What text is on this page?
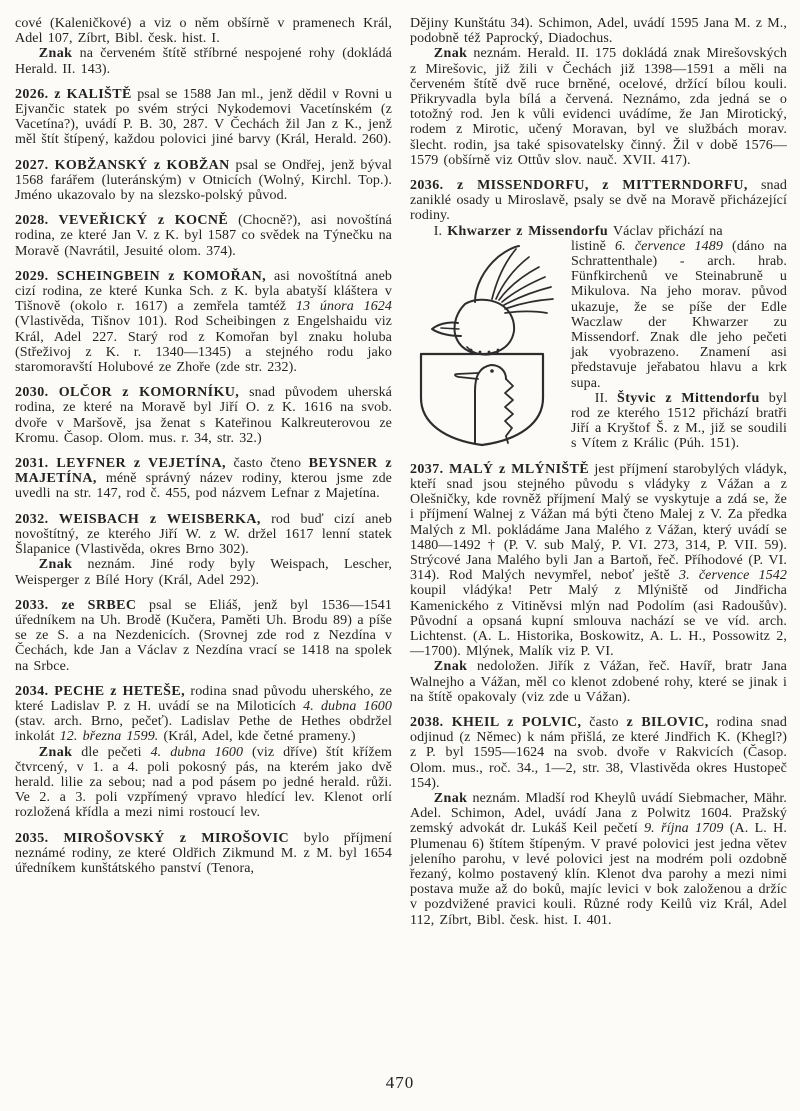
cové (Kaleničkové) a viz o něm obšírně v pramenech Král, Adel 107, Zíbrt, Bibl. česk. hist. I.

Znak na červeném štítě stříbrné nespojené rohy (dokládá Herald. II. 143).

2026. z KALIŠTĚ psal se 1588 Jan ml., jenž dědil v Rovni u Ejvančic statek po svém strýci Nykodemovi Vacetínském (z Vacetína?), uvádí P. B. 30, 287. V Čechách žil Jan z K., jenž měl štít štípený, každou polovici jiné barvy (Král, Herald. 260).

2027. KOBŽANSKÝ z KOBŽAN psal se Ondřej, jenž býval 1568 farářem (luteránským) v Otnicích (Wolný, Kirchl. Top.). Jméno ukazovalo by na slezsko-polský původ.

2028. VEVEŘICKÝ z KOCNĚ (Chocně?), asi novoštíná rodina, ze které Jan V. z K. byl 1587 co svědek na Týnečku na Moravě (Navrátil, Jesuité olom. 374).

2029. SCHEINGBEIN z KOMOŘAN, asi novoštítná aneb cizí rodina, ze které Kunka Sch. z K. byla abatyší kláštera v Tišnově (okolo r. 1617) a zemřela tamtéž 13 února 1624 (Vlastivěda, Tišnov 101). Rod Scheibingen z Engelshaidu viz Král, Adel 227. Starý rod z Komořan byl znaku holuba (Střeživoj z K. r. 1340—1345) a stejného rodu jako staromoravští Holubové ze Zhoře (zde str. 232).

2030. OLČOR z KOMORNÍKU, snad původem uherská rodina, ze které na Moravě byl Jiří O. z K. 1616 na svob. dvoře v Maršově, jsa ženat s Kateřinou Kalkreuterovou ze Kromu. Časop. Olom. mus. r. 34, str. 32.)

2031. LEYFNER z VEJETÍNA, často čteno BEYSNER z MAJETÍNA, méně správný název rodiny, kterou jsme zde uvedli na str. 147, rod č. 455, pod názvem Lefnar z Majetína.

2032. WEISBACH z WEISBERKA, rod buď cizí aneb novoštítný, ze kterého Jiří W. z W. držel 1617 lenní statek Šlapanice (Vlastivěda, okres Brno 302).

Znak neznám. Jiné rody byly Weispach, Lescher, Weisperger z Bílé Hory (Král, Adel 292).

2033. ze SRBEC psal se Eliáš, jenž byl 1536—1541 úředníkem na Uh. Brodě (Kučera, Paměti Uh. Brodu 89) a píše se ze S. a na Nezdenicích. (Srovnej zde rod z Nezdína v Čechách, kde Jan a Václav z Nezdína vrací se 1418 na spolek na Srbce.

2034. PECHE z HETEŠE, rodina snad původu uherského, ze které Ladislav P. z H. uvádí se na Miloticích 4. dubna 1600 (stav. arch. Brno, pečeť). Ladislav Pethe de Hethes obdržel inkolát 12. března 1599. (Král, Adel, kde četné prameny.)

Znak dle pečeti 4. dubna 1600 (viz dříve) štít křížem čtvrcený, v 1. a 4. poli pokosný pás, na kterém jako dvě herald. lilie za sebou; nad a pod pásem po jedné herald. růži. Ve 2. a 3. poli vzpřímený vpravo hledící lev. Klenot orlí rozložená křídla a mezi nimi rostoucí lev.

2035. MIROŠOVSKÝ z MIROŠOVIC bylo příjmení neznámé rodiny, ze které Oldřich Zikmund M. z M. byl 1654 úředníkem kunštátského panství (Tenora,

Dějiny Kunštátu 34). Schimon, Adel, uvádí 1595 Jana M. z M., podobně též Paprocký, Diadochus.

Znak neznám. Herald. II. 175 dokládá znak Mirešovských z Mirešovic, již žili v Čechách již 1398—1591 a měli na červeném štítě dvě ruce brněné, ocelové, držící bílou kouli. Přikryvadla byla bílá a červená. Neznámo, zda jedná se o totožný rod. Jen k vůli evidenci uvádíme, že Jan Mirotický, rodem z Mirotic, učený Moravan, byl ve službách morav. šlecht. rodin, jsa také spisovatelsky činný. Žil v době 1576—1579 (obšírně viz Ottův slov. nauč. XVII. 417).

2036. z MISSENDORFU, z MITTERNDORFU, snad zaniklé osady u Miroslavě, psaly se dvě na Moravě přicházející rodiny.

I. Khwarzer z Missendorfu Václav přichází na

listině 6. července 1489 (dáno na Schrattenthale) - arch. hrab. Fünfkirchenů ve Steinabruně u Mikulova. Na jeho morav. původ ukazuje, že se píše der Edle Waczlaw der Khwarzer zu Missendorf. Znak dle jeho pečeti jak vyobrazeno. Znamení asi představuje jeřabatou hlavu a krk supa.

II. Štyvic z Mittendorfu byl rod ze kterého 1512 přichází bratři Jiří a Kryštof Š. z M., již se soudili s Vítem z Králic (Púh. 151).

2037. MALÝ z MLÝNIŠTĚ jest příjmení starobylých vládyk, kteří snad jsou stejného původu s vládyky z Vážan a z Olešničky, kde rovněž příjmení Malý se vyskytuje a zdá se, že i příjmení Walnej z Vážan má býti čteno Malej z V. Za předka Malých z Ml. pokládáme Jana Malého z Vážan, který uvádí se 1480—1492 † (P. V. sub Malý, P. VI. 273, 314, P. VII. 59). Strýcové Jana Malého byli Jan a Bartoň, řeč. Příhodové (P. VI. 314). Rod Malých nevymřel, neboť ještě 3. července 1542 koupil vládýka! Petr Malý z Mlýniště od Jindřicha Kamenického z Vitiněvsi mlýn nad Podolím (asi Radoušův). Původní a opsaná kupní smlouva nachází se ve víd. arch. Lichtenst. (A. L. Historika, Boskowitz, A. L. H., Possowitz 2, —1700). Mlýnek, Malík viz P. VI.

Znak nedoložen. Jiřík z Vážan, řeč. Havíř, bratr Jana Walnejho a Vážan, měl co klenot zdobené rohy, které se jinak i na štítě opakovaly (viz zde u Vážan).

2038. KHEIL z POLVIC, často z BILOVIC, rodina snad odjinud (z Němec) k nám přišlá, ze které Jindřich K. (Khegl?) z P. byl 1595—1624 na svob. dvoře v Rakvicích (Časop. Olom. mus., roč. 34., 1—2, str. 38, Vlastivěda okres Hustopeč 154).

Znak neznám. Mladší rod Kheylů uvádí Siebmacher, Mähr. Adel. Schimon, Adel, uvádí Jana z Polwitz 1604. Pražský zemský advokát dr. Lukáš Keil pečetí 9. října 1709 (A. L. H. Plumenau 6) štítem štípeným. V pravé polovici jest jedna větev jeleního parohu, v levé polovici jest na modrém poli ozdobně řezaný, kolmo postavený klín. Klenot dva parohy a mezi nimi postava muže až do boků, majíc levici v bok založenou a držíc v pozdvižené pravici kouli. Různé rody Keilů viz Král, Adel 112, Zíbrt, Bibl. česk. hist. I. 401.

470
